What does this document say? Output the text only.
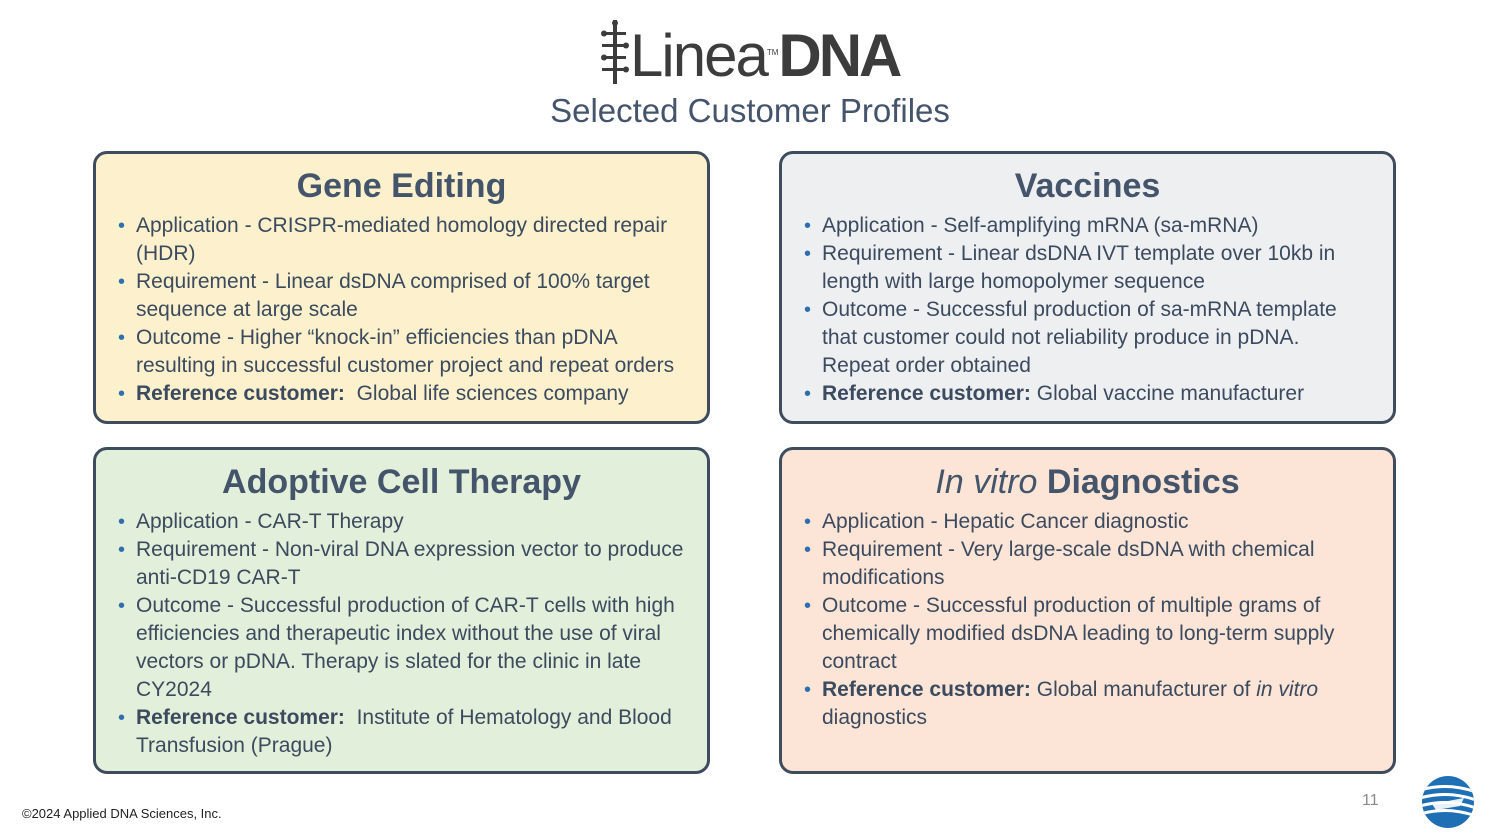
Linea™DNA
Selected Customer Profiles
Gene Editing
• Application - CRISPR-mediated homology directed repair (HDR)
• Requirement - Linear dsDNA comprised of 100% target sequence at large scale
• Outcome - Higher “knock-in” efficiencies than pDNA resulting in successful customer project and repeat orders
• Reference customer: Global life sciences company
Vaccines
• Application - Self-amplifying mRNA (sa-mRNA)
• Requirement - Linear dsDNA IVT template over 10kb in length with large homopolymer sequence
• Outcome - Successful production of sa-mRNA template that customer could not reliability produce in pDNA. Repeat order obtained
• Reference customer: Global vaccine manufacturer
Adoptive Cell Therapy
• Application - CAR-T Therapy
• Requirement - Non-viral DNA expression vector to produce anti-CD19 CAR-T
• Outcome - Successful production of CAR-T cells with high efficiencies and therapeutic index without the use of viral vectors or pDNA. Therapy is slated for the clinic in late CY2024
• Reference customer: Institute of Hematology and Blood Transfusion (Prague)
In vitro Diagnostics
• Application - Hepatic Cancer diagnostic
• Requirement - Very large-scale dsDNA with chemical modifications
• Outcome - Successful production of multiple grams of chemically modified dsDNA leading to long-term supply contract
• Reference customer: Global manufacturer of in vitro diagnostics
©2024 Applied DNA Sciences, Inc.
11
